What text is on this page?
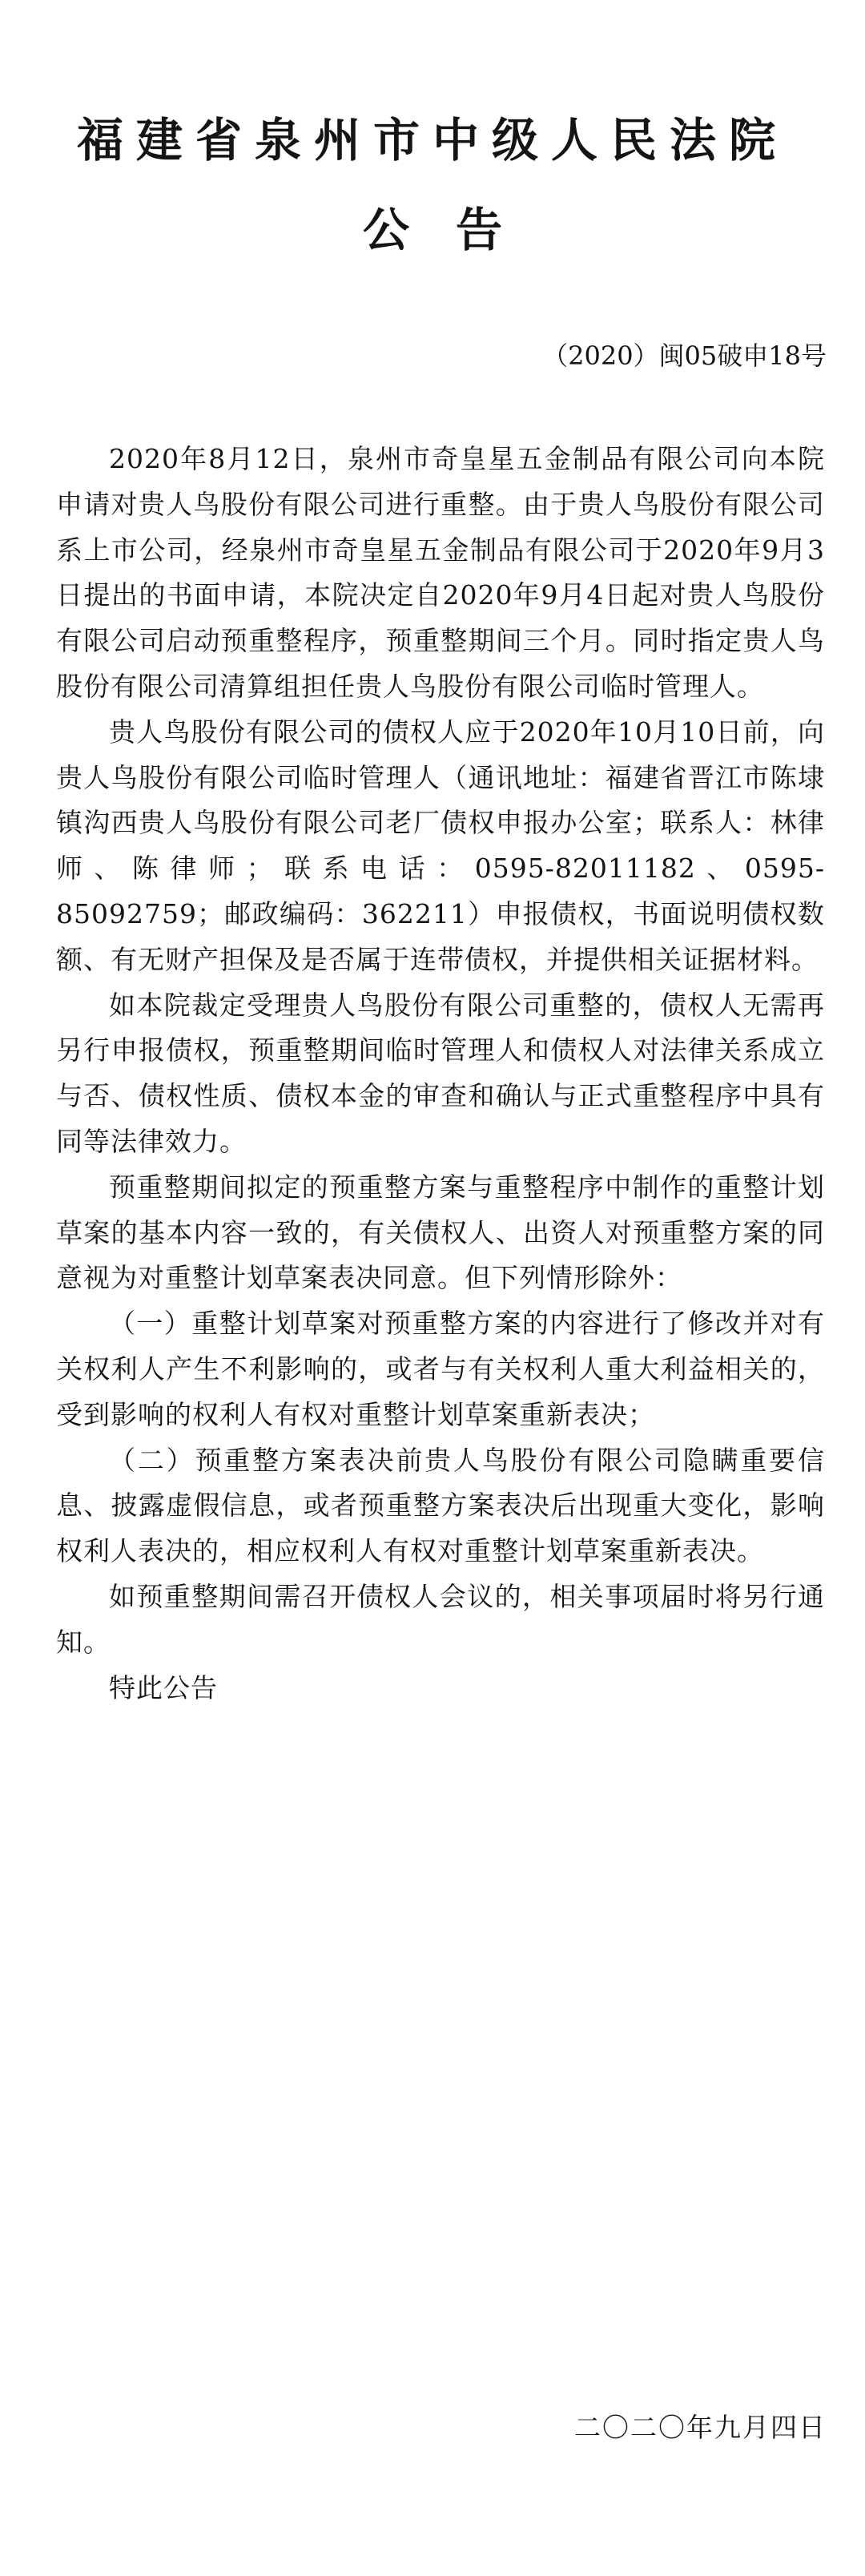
福建省泉州市中级人民法院
公告

（2020）闽05破申18号

2020年8月12日，泉州市奇皇星五金制品有限公司向本院申请对贵人鸟股份有限公司进行重整。由于贵人鸟股份有限公司系上市公司，经泉州市奇皇星五金制品有限公司于2020年9月3日提出的书面申请，本院决定自2020年9月4日起对贵人鸟股份有限公司启动预重整程序，预重整期间三个月。同时指定贵人鸟股份有限公司清算组担任贵人鸟股份有限公司临时管理人。

贵人鸟股份有限公司的债权人应于2020年10月10日前，向贵人鸟股份有限公司临时管理人（通讯地址：福建省晋江市陈埭镇沟西贵人鸟股份有限公司老厂债权申报办公室；联系人：林律师、陈律师；联系电话：0595-82011182、0595-85092759；邮政编码：362211）申报债权，书面说明债权数额、有无财产担保及是否属于连带债权，并提供相关证据材料。

如本院裁定受理贵人鸟股份有限公司重整的，债权人无需再另行申报债权，预重整期间临时管理人和债权人对法律关系成立与否、债权性质、债权本金的审查和确认与正式重整程序中具有同等法律效力。

预重整期间拟定的预重整方案与重整程序中制作的重整计划草案的基本内容一致的，有关债权人、出资人对预重整方案的同意视为对重整计划草案表决同意。但下列情形除外：

（一）重整计划草案对预重整方案的内容进行了修改并对有关权利人产生不利影响的，或者与有关权利人重大利益相关的，受到影响的权利人有权对重整计划草案重新表决；

（二）预重整方案表决前贵人鸟股份有限公司隐瞒重要信息、披露虚假信息，或者预重整方案表决后出现重大变化，影响权利人表决的，相应权利人有权对重整计划草案重新表决。

如预重整期间需召开债权人会议的，相关事项届时将另行通知。

特此公告

二〇二〇年九月四日
